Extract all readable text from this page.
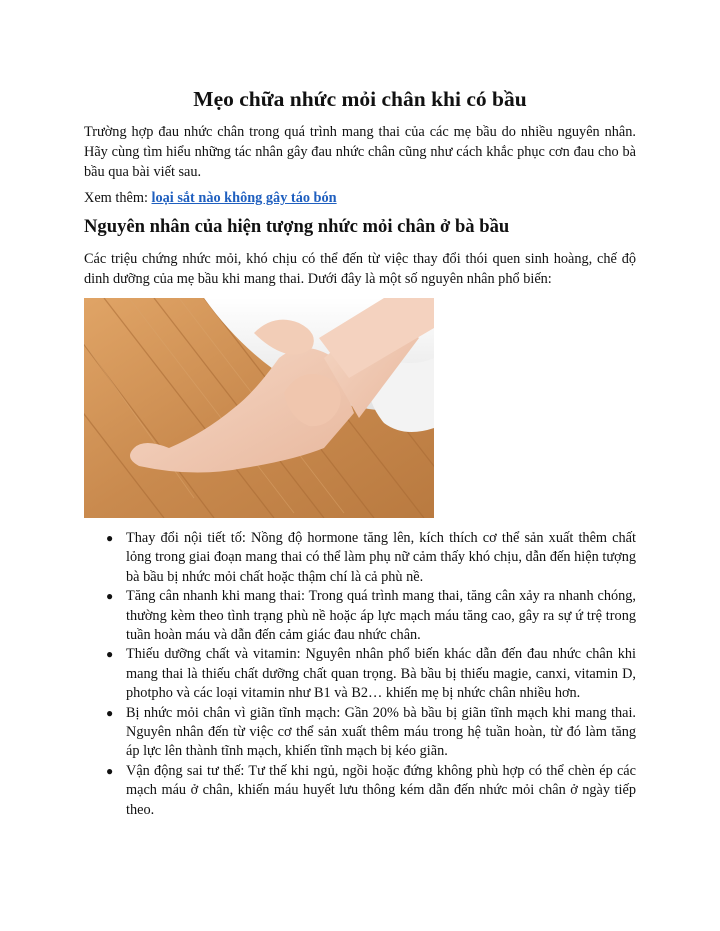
Mẹo chữa nhức mỏi chân khi có bầu

Trường hợp đau nhức chân trong quá trình mang thai của các mẹ bầu do nhiều nguyên nhân. Hãy cùng tìm hiểu những tác nhân gây đau nhức chân cũng như cách khắc phục cơn đau cho bà bầu qua bài viết sau.

Xem thêm: loại sắt nào không gây táo bón

Nguyên nhân của hiện tượng nhức mỏi chân ở bà bầu

Các triệu chứng nhức mỏi, khó chịu có thể đến từ việc thay đổi thói quen sinh hoàng, chế độ dinh dưỡng của mẹ bầu khi mang thai. Dưới đây là một số nguyên nhân phổ biến:

● Thay đổi nội tiết tố: Nồng độ hormone tăng lên, kích thích cơ thể sản xuất thêm chất lỏng trong giai đoạn mang thai có thể làm phụ nữ cảm thấy khó chịu, dẫn đến hiện tượng bà bầu bị nhức mỏi chất hoặc thậm chí là cả phù nề.
● Tăng cân nhanh khi mang thai: Trong quá trình mang thai, tăng cân xảy ra nhanh chóng, thường kèm theo tình trạng phù nề hoặc áp lực mạch máu tăng cao, gây ra sự ứ trệ trong tuần hoàn máu và dẫn đến cảm giác đau nhức chân.
● Thiếu dưỡng chất và vitamin: Nguyên nhân phổ biến khác dẫn đến đau nhức chân khi mang thai là thiếu chất dưỡng chất quan trọng. Bà bầu bị thiếu magie, canxi, vitamin D, photpho và các loại vitamin như B1 và B2… khiến mẹ bị nhức chân nhiều hơn.
● Bị nhức mỏi chân vì giãn tĩnh mạch: Gần 20% bà bầu bị giãn tĩnh mạch khi mang thai. Nguyên nhân đến từ việc cơ thể sản xuất thêm máu trong hệ tuần hoàn, từ đó làm tăng áp lực lên thành tĩnh mạch, khiến tĩnh mạch bị kéo giãn.
● Vận động sai tư thế: Tư thế khi ngủ, ngồi hoặc đứng không phù hợp có thể chèn ép các mạch máu ở chân, khiến máu huyết lưu thông kém dẫn đến nhức mỏi chân ở ngày tiếp theo.
